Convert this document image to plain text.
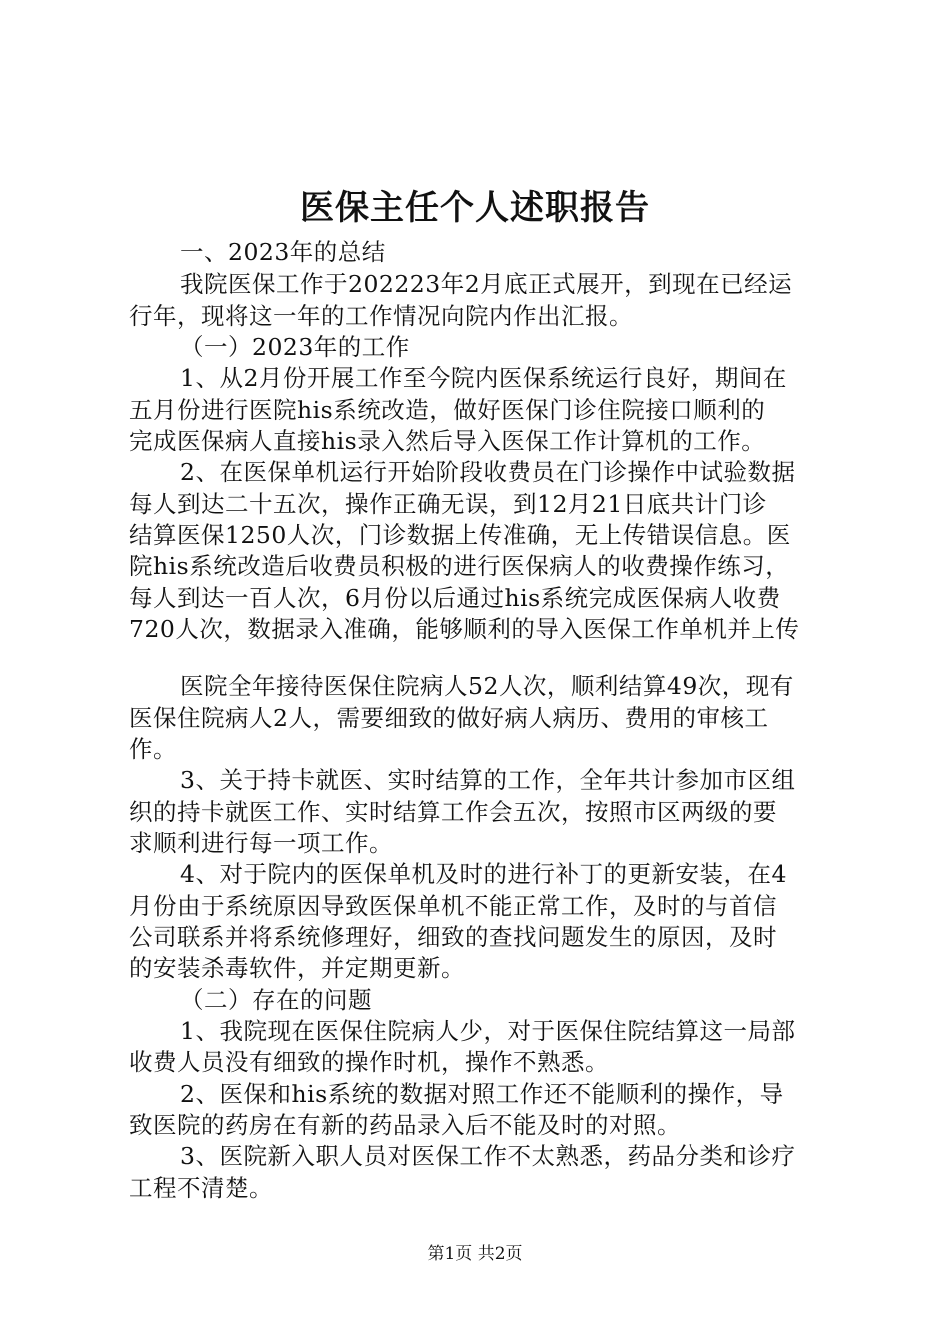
医保主任个人述职报告
一、2023年的总结
我院医保工作于202223年2月底正式展开，到现在已经运
行年，现将这一年的工作情况向院内作出汇报。
（一）2023年的工作
1、从2月份开展工作至今院内医保系统运行良好，期间在
五月份进行医院his系统改造，做好医保门诊住院接口顺利的
完成医保病人直接his录入然后导入医保工作计算机的工作。
2、在医保单机运行开始阶段收费员在门诊操作中试验数据
每人到达二十五次，操作正确无误，到12月21日底共计门诊
结算医保1250人次，门诊数据上传准确，无上传错误信息。医
院his系统改造后收费员积极的进行医保病人的收费操作练习，
每人到达一百人次，6月份以后通过his系统完成医保病人收费
720人次，数据录入准确，能够顺利的导入医保工作单机并上传
医院全年接待医保住院病人52人次，顺利结算49次，现有
医保住院病人2人，需要细致的做好病人病历、费用的审核工
作。
3、关于持卡就医、实时结算的工作，全年共计参加市区组
织的持卡就医工作、实时结算工作会五次，按照市区两级的要
求顺利进行每一项工作。
4、对于院内的医保单机及时的进行补丁的更新安装，在4
月份由于系统原因导致医保单机不能正常工作，及时的与首信
公司联系并将系统修理好，细致的查找问题发生的原因，及时
的安装杀毒软件，并定期更新。
（二）存在的问题
1、我院现在医保住院病人少，对于医保住院结算这一局部
收费人员没有细致的操作时机，操作不熟悉。
2、医保和his系统的数据对照工作还不能顺利的操作，导
致医院的药房在有新的药品录入后不能及时的对照。
3、医院新入职人员对医保工作不太熟悉，药品分类和诊疗
工程不清楚。
第1页 共2页
